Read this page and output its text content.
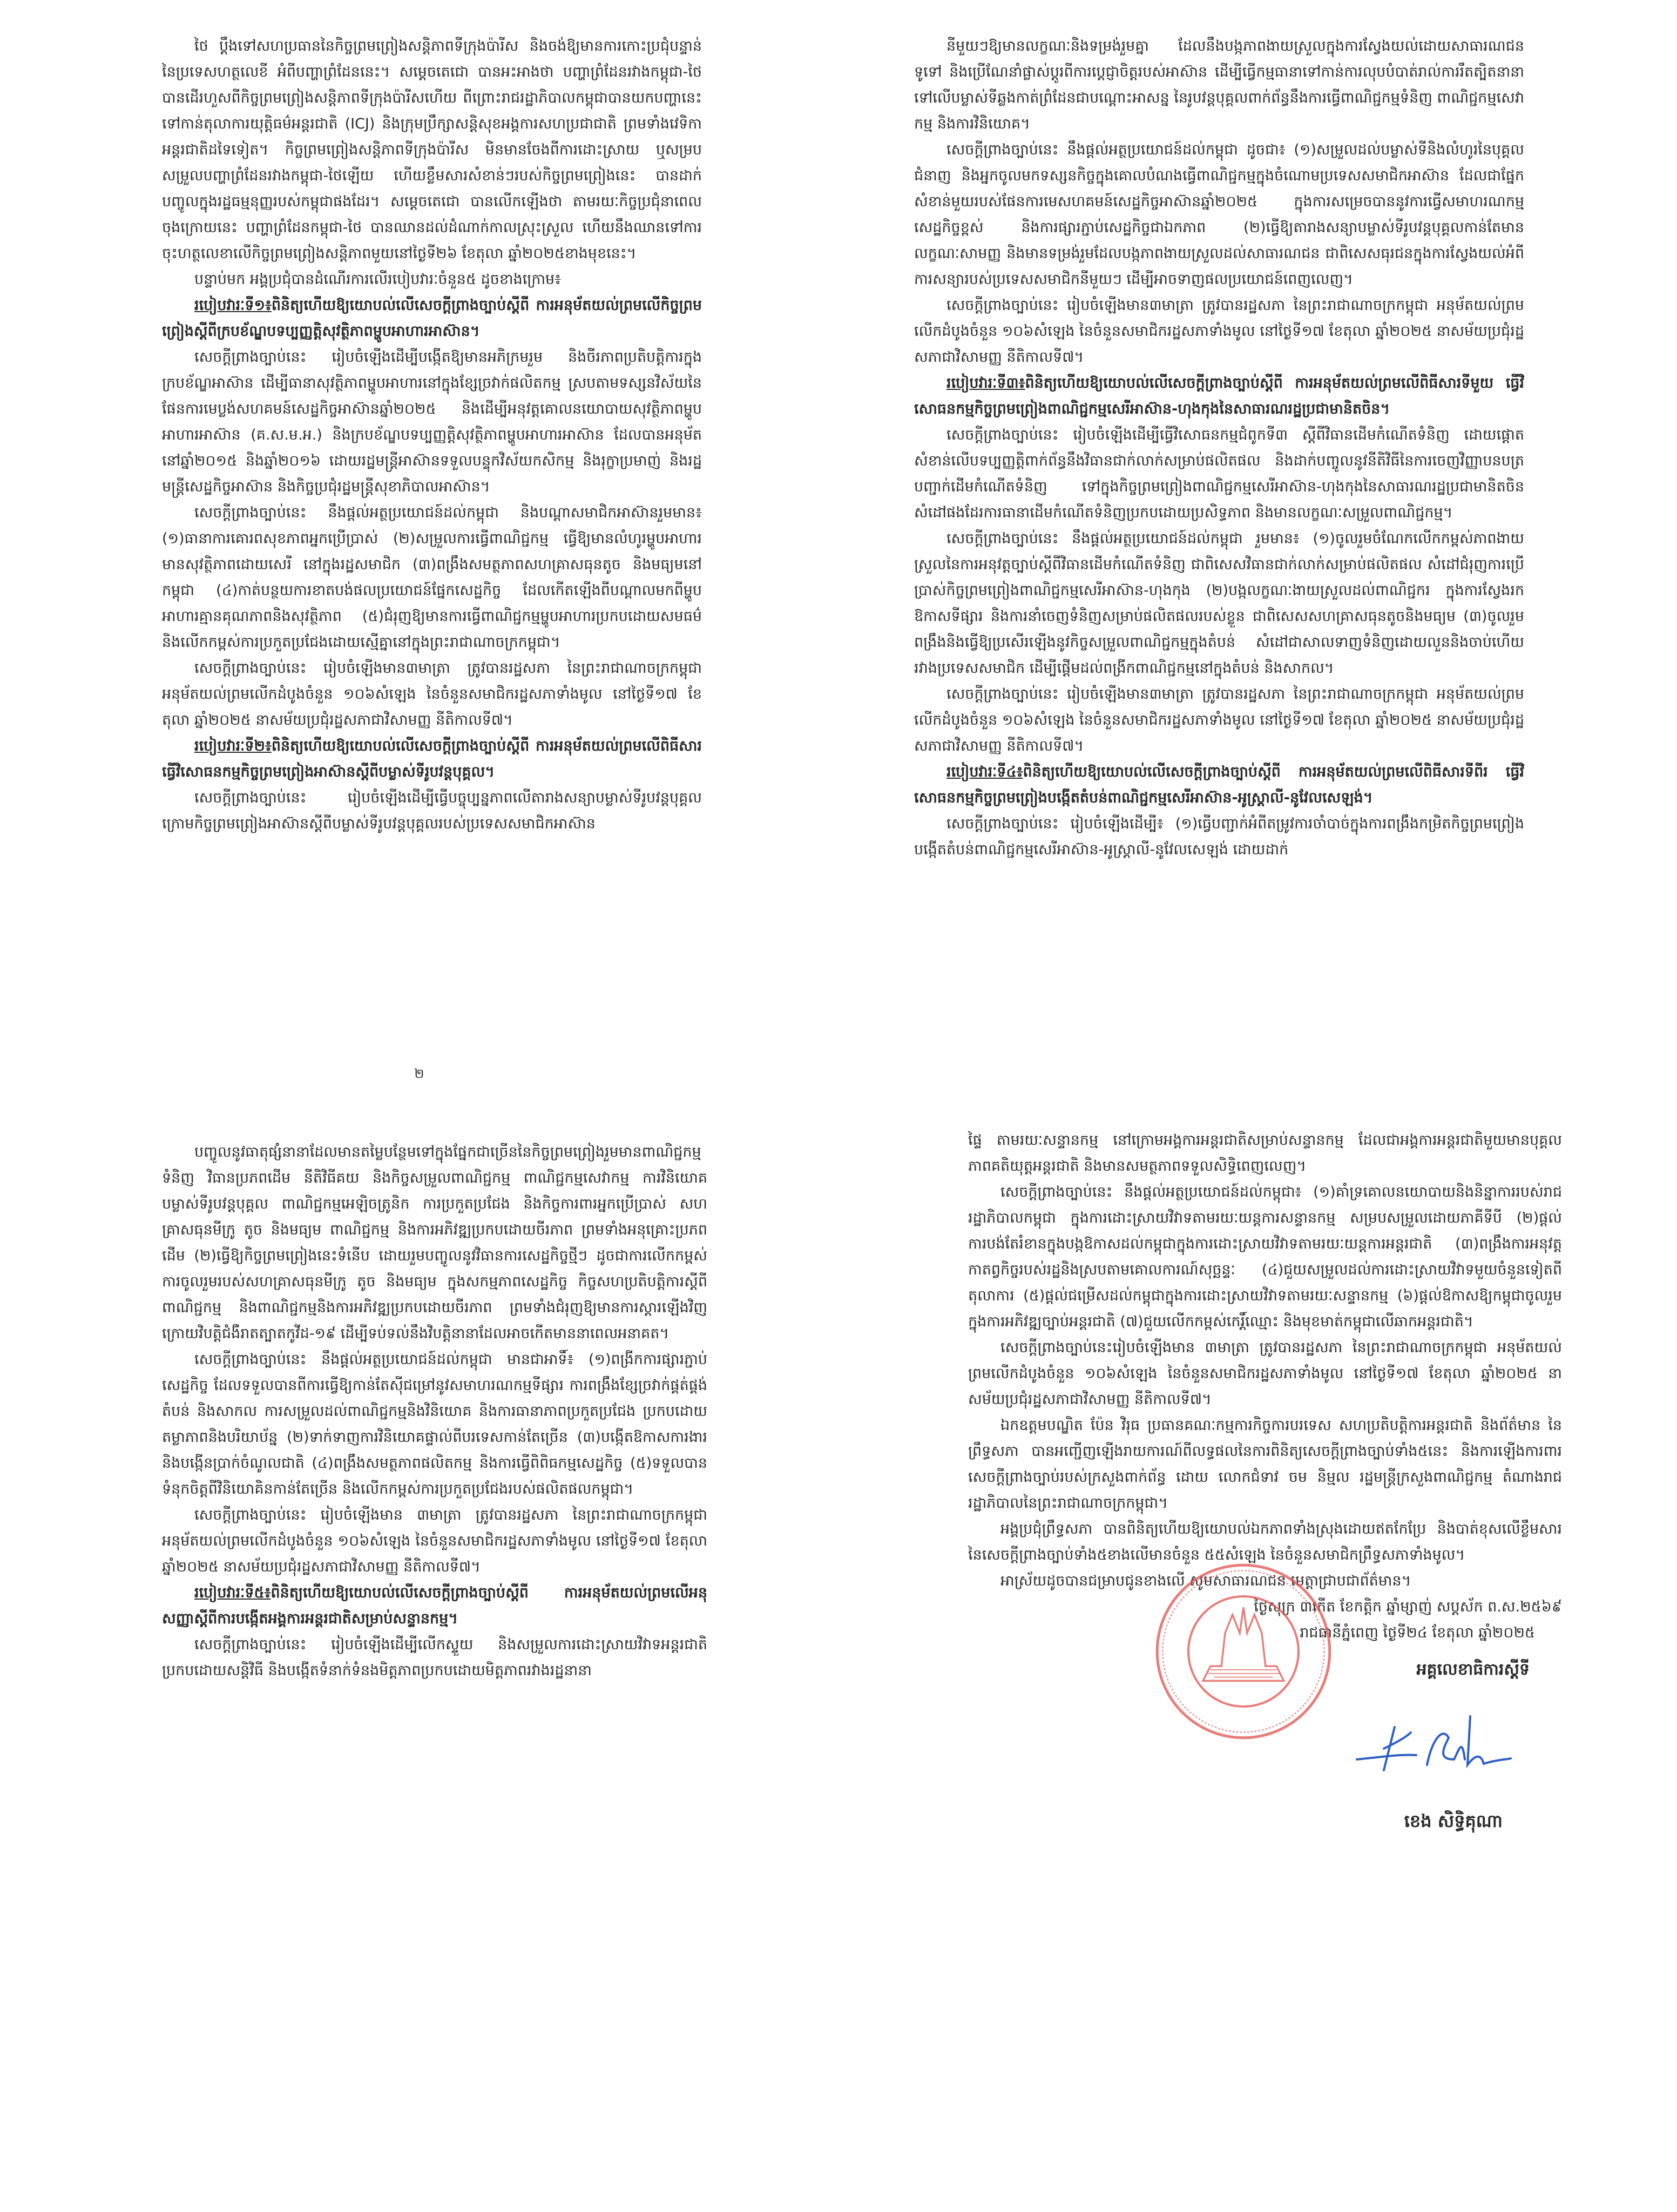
ថៃ ប្ដឹងទៅសហប្រធាននៃកិច្ចព្រមព្រៀងសន្តិភាពទីក្រុងប៉ារីស និងចង់ឱ្យមានការកោះប្រជុំបន្ទាន់នៃប្រទេសហត្ថលេខី អំពីបញ្ហាព្រំដែននេះ។ សម្ដេចតេជោ បានអះអាងថា បញ្ហាព្រំដែនរវាងកម្ពុជា-ថៃ បានដើរហួសពីកិច្ចព្រមព្រៀងសន្តិភាពទីក្រុងប៉ារីសហើយ ពីព្រោះរាជរដ្ឋាភិបាលកម្ពុជាបានយកបញ្ហានេះទៅកាន់តុលាការយុត្តិធម៌អន្តរជាតិ (ICJ) និងក្រុមប្រឹក្សាសន្តិសុខអង្គការសហប្រជាជាតិ ព្រមទាំងវេទិកាអន្តរជាតិដទៃទៀត។ កិច្ចព្រមព្រៀងសន្តិភាពទីក្រុងប៉ារីស មិនមានចែងពីការដោះស្រាយ ឬសម្របសម្រួលបញ្ហាព្រំដែនរវាងកម្ពុជា-ថៃឡើយ ហើយខ្លឹមសារសំខាន់ៗរបស់កិច្ចព្រមព្រៀងនេះ បានដាក់បញ្ចូលក្នុងរដ្ឋធម្មនុញ្ញរបស់កម្ពុជាផងដែរ។ សម្ដេចតេជោ បានលើកឡើងថា តាមរយៈកិច្ចប្រជុំនាពេលចុងក្រោយនេះ បញ្ហាព្រំដែនកម្ពុជា-ថៃ បានឈានដល់ដំណាក់កាលស្រុះស្រួល ហើយនឹងឈានទៅការចុះហត្ថលេខាលើកិច្ចព្រមព្រៀងសន្តិភាពមួយនៅថ្ងៃទី២៦ ខែតុលា ឆ្នាំ២០២៥ខាងមុខនេះ។

បន្ទាប់មក អង្គប្រជុំបានដំណើរការលើរបៀបវារៈចំនួន៥ ដូចខាងក្រោម៖

របៀបវារៈទី១៖ពិនិត្យហើយឱ្យយោបល់លើសេចក្ដីព្រាងច្បាប់ស្ដីពី ការអនុម័តយល់ព្រមលើកិច្ចព្រមព្រៀងស្ដីពីក្របខ័ណ្ឌបទប្បញ្ញត្តិសុវត្ថិភាពម្ហូបអាហារអាស៊ាន។

សេចក្ដីព្រាងច្បាប់នេះ រៀបចំឡើងដើម្បីបង្កើតឱ្យមានអភិក្រមរួម និងចីរភាពប្រតិបត្តិការក្នុងក្របខ័ណ្ឌអាស៊ាន ដើម្បីធានាសុវត្ថិភាពម្ហូបអាហារនៅក្នុងខ្សែច្រវាក់ផលិតកម្ម ស្របតាមទស្សនវិស័យនៃផែនការមេប្លង់សហគមន៍សេដ្ឋកិច្ចអាស៊ានឆ្នាំ២០២៥ និងដើម្បីអនុវត្តគោលនយោបាយសុវត្ថិភាពម្ហូបអាហារអាស៊ាន (គ.ស.ម.អ.) និងក្របខ័ណ្ឌបទប្បញ្ញត្តិសុវត្ថិភាពម្ហូបអាហារអាស៊ាន ដែលបានអនុម័តនៅឆ្នាំ២០១៥ និងឆ្នាំ២០១៦ ដោយរដ្ឋមន្ត្រីអាស៊ានទទួលបន្ទុកវិស័យកសិកម្ម និងរុក្ខាប្រមាញ់ និងរដ្ឋមន្ត្រីសេដ្ឋកិច្ចអាស៊ាន និងកិច្ចប្រជុំរដ្ឋមន្ត្រីសុខាភិបាលអាស៊ាន។

សេចក្ដីព្រាងច្បាប់នេះ នឹងផ្ដល់អត្ថប្រយោជន៍ដល់កម្ពុជា និងបណ្ដាសមាជិកអាស៊ានរួមមាន៖ (១)ធានាការគោរពសុខភាពអ្នកប្រើប្រាស់ (២)សម្រួលការធ្វើពាណិជ្ជកម្ម ធ្វើឱ្យមានលំហូរម្ហូបអាហារមានសុវត្ថិភាពដោយសេរី នៅក្នុងរដ្ឋសមាជិក (៣)ពង្រឹងសមត្ថភាពសហគ្រាសធុនតូច និងមធ្យមនៅកម្ពុជា (៤)កាត់បន្ថយការខាតបង់ផលប្រយោជន៍ផ្នែកសេដ្ឋកិច្ច ដែលកើតឡើងពីបណ្ដាលមកពីម្ហូបអាហារគ្មានគុណភាពនិងសុវត្ថិភាព (៥)ជំរុញឱ្យមានការធ្វើពាណិជ្ជកម្មម្ហូបអាហារប្រកបដោយសមធម៌ និងលើកកម្ពស់ការប្រកួតប្រជែងដោយស្មើគ្នានៅក្នុងព្រះរាជាណាចក្រកម្ពុជា។

សេចក្ដីព្រាងច្បាប់នេះ រៀបចំឡើងមាន៣មាត្រា ត្រូវបានរដ្ឋសភា នៃព្រះរាជាណាចក្រកម្ពុជា អនុម័តយល់ព្រមលើកដំបូងចំនួន ១០៦សំឡេង នៃចំនួនសមាជិករដ្ឋសភាទាំងមូល នៅថ្ងៃទី១៧ ខែតុលា ឆ្នាំ២០២៥ នាសម័យប្រជុំរដ្ឋសភាជាវិសាមញ្ញ នីតិកាលទី៧។

របៀបវារៈទី២៖ពិនិត្យហើយឱ្យយោបល់លើសេចក្ដីព្រាងច្បាប់ស្ដីពី ការអនុម័តយល់ព្រមលើពិធីសារធ្វើវិសោធនកម្មកិច្ចព្រមព្រៀងអាស៊ានស្ដីពីបម្លាស់ទីរូបវន្តបុគ្គល។

សេចក្ដីព្រាងច្បាប់នេះ រៀបចំឡើងដើម្បីធ្វើបច្ចុប្បន្នភាពលើតារាងសន្យាបម្លាស់ទីរូបវន្តបុគ្គល ក្រោមកិច្ចព្រមព្រៀងអាស៊ានស្ដីពីបម្លាស់ទីរូបវន្តបុគ្គលរបស់ប្រទេសសមាជិកអាស៊ាន

២

នីមួយៗឱ្យមានលក្ខណៈនិងទម្រង់រួមគ្នា ដែលនឹងបង្កភាពងាយស្រួលក្នុងការស្វែងយល់ដោយសាធារណជនទូទៅ និងប្រើណែនាំផ្លាស់ប្ដូរពីការប្ដេជ្ញាចិត្តរបស់អាស៊ាន ដើម្បីធ្វើកម្មធានាទៅកាន់ការលុបបំបាត់រាល់ការរឹតត្បិតនានាទៅលើបម្លាស់ទីឆ្លងកាត់ព្រំដែនជាបណ្ដោះអាសន្ន នៃរូបវន្តបុគ្គលពាក់ព័ន្ធនឹងការធ្វើពាណិជ្ជកម្មទំនិញ ពាណិជ្ជកម្មសេវាកម្ម និងការវិនិយោគ។

សេចក្ដីព្រាងច្បាប់នេះ នឹងផ្ដល់អត្ថប្រយោជន៍ដល់កម្ពុជា ដូចជា៖ (១)សម្រួលដល់បម្លាស់ទីនិងលំហូរនៃបុគ្គលជំនាញ និងអ្នកចូលមកទស្សនកិច្ចក្នុងគោលបំណងធ្វើពាណិជ្ជកម្មក្នុងចំណោមប្រទេសសមាជិកអាស៊ាន ដែលជាផ្នែកសំខាន់មួយរបស់ផែនការមេសហគមន៍សេដ្ឋកិច្ចអាស៊ានឆ្នាំ២០២៥ ក្នុងការសម្រេចបាននូវការធ្វើសមាហរណកម្មសេដ្ឋកិច្ចខ្ពស់ និងការផ្សារភ្ជាប់សេដ្ឋកិច្ចជាឯកភាព (២)ធ្វើឱ្យតារាងសន្យាបម្លាស់ទីរូបវន្តបុគ្គលកាន់តែមានលក្ខណៈសាមញ្ញ និងមានទម្រង់រួមដែលបង្កភាពងាយស្រួលដល់សាធារណជន ជាពិសេសធុរជនក្នុងការស្វែងយល់អំពីការសន្យារបស់ប្រទេសសមាជិកនីមួយៗ ដើម្បីអាចទាញផលប្រយោជន៍ពេញលេញ។

សេចក្ដីព្រាងច្បាប់នេះ រៀបចំឡើងមាន៣មាត្រា ត្រូវបានរដ្ឋសភា នៃព្រះរាជាណាចក្រកម្ពុជា អនុម័តយល់ព្រមលើកដំបូងចំនួន ១០៦សំឡេង នៃចំនួនសមាជិករដ្ឋសភាទាំងមូល នៅថ្ងៃទី១៧ ខែតុលា ឆ្នាំ២០២៥ នាសម័យប្រជុំរដ្ឋសភាជាវិសាមញ្ញ នីតិកាលទី៧។

របៀបវារៈទី៣៖ពិនិត្យហើយឱ្យយោបល់លើសេចក្ដីព្រាងច្បាប់ស្ដីពី ការអនុម័តយល់ព្រមលើពិធីសារទីមួយ ធ្វើវិសោធនកម្មកិច្ចព្រមព្រៀងពាណិជ្ជកម្មសេរីអាស៊ាន-ហុងកុងនៃសាធារណរដ្ឋប្រជាមានិតចិន។

សេចក្ដីព្រាងច្បាប់នេះ រៀបចំឡើងដើម្បីធ្វើវិសោធនកម្មជំពូកទី៣ ស្ដីពីវិធានដើមកំណើតទំនិញ ដោយផ្ដោតសំខាន់លើបទប្បញ្ញត្តិពាក់ព័ន្ធនឹងវិធានជាក់លាក់សម្រាប់ផលិតផល និងដាក់បញ្ចូលនូវនីតិវិធីនៃការចេញវិញ្ញាបនបត្របញ្ជាក់ដើមកំណើតទំនិញ ទៅក្នុងកិច្ចព្រមព្រៀងពាណិជ្ជកម្មសេរីអាស៊ាន-ហុងកុងនៃសាធារណរដ្ឋប្រជាមានិតចិន សំដៅផងដែរការធានាដើមកំណើតទំនិញប្រកបដោយប្រសិទ្ធភាព និងមានលក្ខណៈសម្រួលពាណិជ្ជកម្ម។

សេចក្ដីព្រាងច្បាប់នេះ នឹងផ្ដល់អត្ថប្រយោជន៍ដល់កម្ពុជា រួមមាន៖ (១)ចូលរួមចំណែកលើកកម្ពស់ភាពងាយស្រួលនៃការអនុវត្តច្បាប់ស្ដីពីវិធានដើមកំណើតទំនិញ ជាពិសេសវិធានជាក់លាក់សម្រាប់ផលិតផល សំដៅជំរុញការប្រើប្រាស់កិច្ចព្រមព្រៀងពាណិជ្ជកម្មសេរីអាស៊ាន-ហុងកុង (២)បង្កលក្ខណៈងាយស្រួលដល់ពាណិជ្ជករ ក្នុងការស្វែងរកឱកាសទីផ្សារ និងការនាំចេញទំនិញសម្រាប់ផលិតផលរបស់ខ្លួន ជាពិសេសសហគ្រាសធុនតូចនិងមធ្យម (៣)ចូលរួមពង្រឹងនិងធ្វើឱ្យប្រសើរឡើងនូវកិច្ចសម្រួលពាណិជ្ជកម្មក្នុងតំបន់ សំដៅជាសាលទាញទំនិញដោយលួននិងចាប់ហើយរវាងប្រទេសសមាជិក ដើម្បីផ្ដើមដល់ពង្រីកពាណិជ្ជកម្មនៅក្នុងតំបន់ និងសាកល។

សេចក្ដីព្រាងច្បាប់នេះ រៀបចំឡើងមាន៣មាត្រា ត្រូវបានរដ្ឋសភា នៃព្រះរាជាណាចក្រកម្ពុជា អនុម័តយល់ព្រមលើកដំបូងចំនួន ១០៦សំឡេង នៃចំនួនសមាជិករដ្ឋសភាទាំងមូល នៅថ្ងៃទី១៧ ខែតុលា ឆ្នាំ២០២៥ នាសម័យប្រជុំរដ្ឋសភាជាវិសាមញ្ញ នីតិកាលទី៧។

របៀបវារៈទី៤៖ពិនិត្យហើយឱ្យយោបល់លើសេចក្ដីព្រាងច្បាប់ស្ដីពី ការអនុម័តយល់ព្រមលើពិធីសារទីពីរ ធ្វើវិសោធនកម្មកិច្ចព្រមព្រៀងបង្កើតតំបន់ពាណិជ្ជកម្មសេរីអាស៊ាន-អូស្ត្រាលី-នូវែលសេឡង់។

សេចក្ដីព្រាងច្បាប់នេះ រៀបចំឡើងដើម្បី៖ (១)ធ្វើបញ្ជាក់អំពីតម្រូវការចាំបាច់ក្នុងការពង្រឹងកម្រិតកិច្ចព្រមព្រៀង បង្កើតតំបន់ពាណិជ្ជកម្មសេរីអាស៊ាន-អូស្ត្រាលី-នូវែលសេឡង់ ដោយដាក់

បញ្ចូលនូវធាតុផ្សំនានាដែលមានតម្លៃបន្ថែមទៅក្នុងផ្នែកជាច្រើននៃកិច្ចព្រមព្រៀងរួមមានពាណិជ្ជកម្មទំនិញ វិធានប្រភពដើម នីតិវិធីគយ និងកិច្ចសម្រួលពាណិជ្ជកម្ម ពាណិជ្ជកម្មសេវាកម្ម ការវិនិយោគ បម្លាស់ទីរូបវន្តបុគ្គល ពាណិជ្ជកម្មអេឡិចត្រូនិក ការប្រកួតប្រជែង និងកិច្ចការពារអ្នកប្រើប្រាស់ សហគ្រាសធុនមីក្រូ តូច និងមធ្យម ពាណិជ្ជកម្ម និងការអភិវឌ្ឍប្រកបដោយចីរភាព ព្រមទាំងអនុគ្រោះប្រភពដើម (២)ធ្វើឱ្យកិច្ចព្រមព្រៀងនេះទំនើប ដោយរួមបញ្ចូលនូវវិធានការសេដ្ឋកិច្ចថ្មីៗ ដូចជាការលើកកម្ពស់ការចូលរួមរបស់សហគ្រាសធុនមីក្រូ តូច និងមធ្យម ក្នុងសកម្មភាពសេដ្ឋកិច្ច កិច្ចសហប្រតិបត្តិការស្ដីពីពាណិជ្ជកម្ម និងពាណិជ្ជកម្មនិងការអភិវឌ្ឍប្រកបដោយចីរភាព ព្រមទាំងជំរុញឱ្យមានការស្ដារឡើងវិញក្រោយវិបត្តិជំងឺរាតត្បាតកូវីដ-១៩ ដើម្បីទប់ទល់នឹងវិបត្តិនានាដែលអាចកើតមាននាពេលអនាគត។

សេចក្ដីព្រាងច្បាប់នេះ នឹងផ្ដល់អត្ថប្រយោជន៍ដល់កម្ពុជា មានជាអាទិ៍៖ (១)ពង្រីកការផ្សារភ្ជាប់សេដ្ឋកិច្ច ដែលទទួលបានពីការធ្វើឱ្យកាន់តែស៊ីជម្រៅនូវសមាហរណកម្មទីផ្សារ ការពង្រឹងខ្សែច្រវាក់ផ្គត់ផ្គង់តំបន់ និងសាកល ការសម្រួលដល់ពាណិជ្ជកម្មនិងវិនិយោគ និងការធានាភាពប្រកួតប្រជែង ប្រកបដោយតម្លាភាពនិងបរិយាប័ន្ន (២)ទាក់ទាញការវិនិយោគផ្ទាល់ពីបរទេសកាន់តែច្រើន (៣)បង្កើតឱកាសការងារ និងបង្កើនប្រាក់ចំណូលជាតិ (៤)ពង្រឹងសមត្ថភាពផលិតកម្ម និងការធ្វើពិពិធកម្មសេដ្ឋកិច្ច (៥)ទទួលបានទំនុកចិត្តពីវិនិយោគិនកាន់តែច្រើន និងលើកកម្ពស់ការប្រកួតប្រជែងរបស់ផលិតផលកម្ពុជា។

សេចក្ដីព្រាងច្បាប់នេះ រៀបចំឡើងមាន ៣មាត្រា ត្រូវបានរដ្ឋសភា នៃព្រះរាជាណាចក្រកម្ពុជា អនុម័តយល់ព្រមលើកដំបូងចំនួន ១០៦សំឡេង នៃចំនួនសមាជិករដ្ឋសភាទាំងមូល នៅថ្ងៃទី១៧ ខែតុលា ឆ្នាំ២០២៥ នាសម័យប្រជុំរដ្ឋសភាជាវិសាមញ្ញ នីតិកាលទី៧។

របៀបវារៈទី៥៖ពិនិត្យហើយឱ្យយោបល់លើសេចក្ដីព្រាងច្បាប់ស្ដីពី ការអនុម័តយល់ព្រមលើអនុសញ្ញាស្ដីពីការបង្កើតអង្គការអន្តរជាតិសម្រាប់សន្ទានកម្ម។

សេចក្ដីព្រាងច្បាប់នេះ រៀបចំឡើងដើម្បីលើកស្ទួយ និងសម្រួលការដោះស្រាយវិវាទអន្តរជាតិប្រកបដោយសន្តិវិធី និងបង្កើតទំនាក់ទំនងមិត្តភាពប្រកបដោយមិត្តភាពរវាងរដ្ឋនានា

ផ្ទៃ តាមរយៈសន្ទានកម្ម នៅក្រោមអង្គការអន្តរជាតិសម្រាប់សន្ទានកម្ម ដែលជាអង្គការអន្តរជាតិមួយមានបុគ្គលភាពគតិយុត្តអន្តរជាតិ និងមានសមត្ថភាពទទួលសិទ្ធិពេញលេញ។

សេចក្ដីព្រាងច្បាប់នេះ នឹងផ្ដល់អត្ថប្រយោជន៍ដល់កម្ពុជា៖ (១)គាំទ្រគោលនយោបាយនិងនិន្នាការរបស់រាជរដ្ឋាភិបាលកម្ពុជា ក្នុងការដោះស្រាយវិវាទតាមរយៈយន្តការសន្ទានកម្ម សម្របសម្រួលដោយភាគីទីបី (២)ផ្ដល់ការបង់តែរំខានក្នុងបង្កឱកាសដល់កម្ពុជាក្នុងការដោះស្រាយវិវាទតាមរយៈយន្តការអន្តរជាតិ (៣)ពង្រឹងការអនុវត្តកាតព្វកិច្ចរបស់រដ្ឋនិងស្របតាមគោលការណ៍សុច្ឆន្ទៈ (៤)ជួយសម្រួលដល់ការដោះស្រាយវិវាទមួយចំនួនទៀតពីតុលាការ (៥)ផ្ដល់ជម្រើសដល់កម្ពុជាក្នុងការដោះស្រាយវិវាទតាមរយៈសន្ទានកម្ម (៦)ផ្ដល់ឱកាសឱ្យកម្ពុជាចូលរួមក្នុងការអភិវឌ្ឍច្បាប់អន្តរជាតិ (៧)ជួយលើកកម្ពស់កេរ្តិ៍ឈ្មោះ និងមុខមាត់កម្ពុជាលើឆាកអន្តរជាតិ។

សេចក្ដីព្រាងច្បាប់នេះរៀបចំឡើងមាន ៣មាត្រា ត្រូវបានរដ្ឋសភា នៃព្រះរាជាណាចក្រកម្ពុជា អនុម័តយល់ព្រមលើកដំបូងចំនួន ១០៦សំឡេង នៃចំនួនសមាជិករដ្ឋសភាទាំងមូល នៅថ្ងៃទី១៧ ខែតុលា ឆ្នាំ២០២៥ នាសម័យប្រជុំរដ្ឋសភាជាវិសាមញ្ញ នីតិកាលទី៧។

ឯកឧត្ដមបណ្ឌិត ប៉ែន វិរុធ ប្រធានគណៈកម្មការកិច្ចការបរទេស សហប្រតិបត្តិការអន្តរជាតិ និងព័ត៌មាន នៃព្រឹទ្ធសភា បានអញ្ជើញឡើងរាយការណ៍ពីលទ្ធផលនៃការពិនិត្យសេចក្ដីព្រាងច្បាប់ទាំង៥នេះ និងការឡើងការពារសេចក្ដីព្រាងច្បាប់របស់ក្រសួងពាក់ព័ន្ធ ដោយ លោកជំទាវ ចម និម្មល រដ្ឋមន្ត្រីក្រសួងពាណិជ្ជកម្ម តំណាងរាជរដ្ឋាភិបាលនៃព្រះរាជាណាចក្រកម្ពុជា។

អង្គប្រជុំព្រឹទ្ធសភា បានពិនិត្យហើយឱ្យយោបល់ឯកភាពទាំងស្រុងដោយឥតកែប្រែ និងបាត់ខុសលើខ្លឹមសារនៃសេចក្ដីព្រាងច្បាប់ទាំង៥ខាងលើមានចំនួន ៥៥សំឡេង នៃចំនួនសមាជិកព្រឹទ្ធសភាទាំងមូល។

អាស្រ័យដូចបានជម្រាបជូនខាងលើ សូមសាធារណជន មេត្តាជ្រាបជាព័ត៌មាន។

ថ្ងៃសុក្រ ៣កើត ខែកត្តិក ឆ្នាំម្សាញ់ សប្តស័ក ព.ស.២៥៦៩

រាជធានីភ្នំពេញ ថ្ងៃទី២៤ ខែតុលា ឆ្នាំ២០២៥

អគ្គលេខាធិការស្ដីទី
ខេង សិទ្ធិគុណា
